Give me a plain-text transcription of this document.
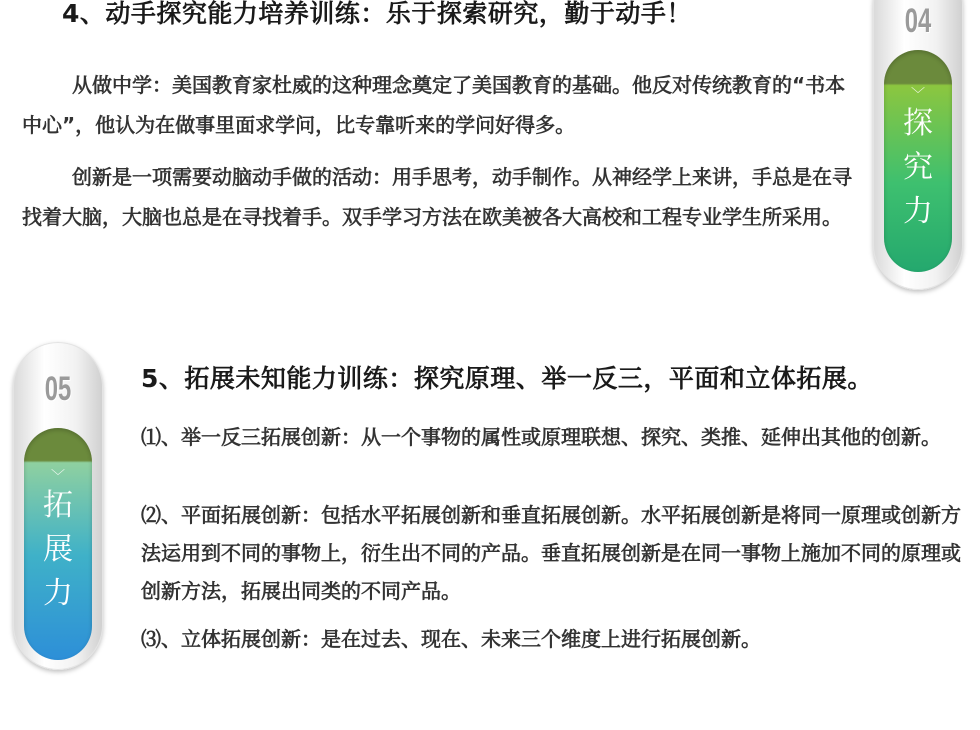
4、动手探究能力培养训练：乐于探索研究，勤于动手！
从做中学：美国教育家杜威的这种理念奠定了美国教育的基础。他反对传统教育的“书本中心”，他认为在做事里面求学问，比专靠听来的学问好得多。
创新是一项需要动脑动手做的活动：用手思考，动手制作。从神经学上来讲，手总是在寻找着大脑，大脑也总是在寻找着手。双手学习方法在欧美被各大高校和工程专业学生所采用。
04
﹀
探
究
力
05
﹀
拓
展
力
5、拓展未知能力训练：探究原理、举一反三，平面和立体拓展。
⑴、举一反三拓展创新：从一个事物的属性或原理联想、探究、类推、延伸出其他的创新。
⑵、平面拓展创新：包括水平拓展创新和垂直拓展创新。水平拓展创新是将同一原理或创新方法运用到不同的事物上，衍生出不同的产品。垂直拓展创新是在同一事物上施加不同的原理或创新方法，拓展出同类的不同产品。
⑶、立体拓展创新：是在过去、现在、未来三个维度上进行拓展创新。
